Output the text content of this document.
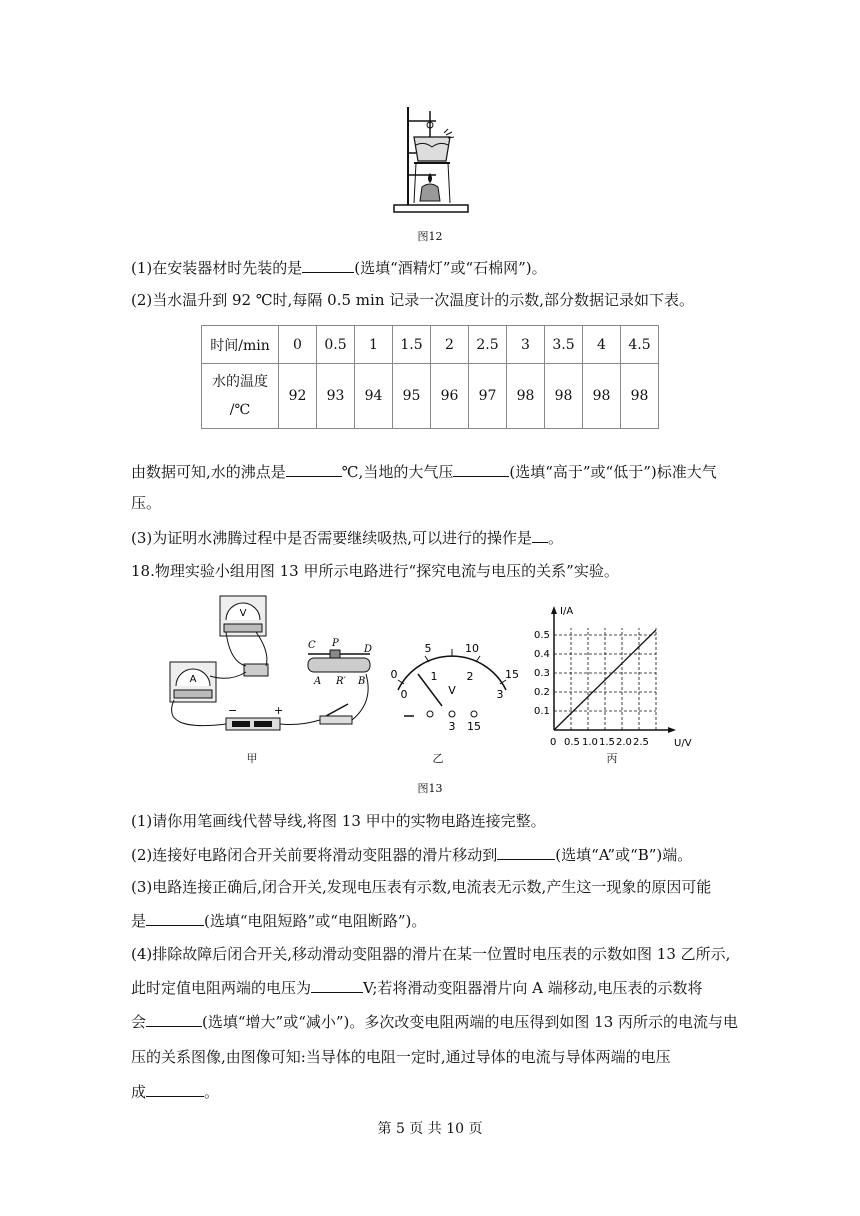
图12
(1)在安装器材时先装的是	(选填“酒精灯”或“石棉网”)。
(2)当水温升到 92 ℃时,每隔 0.5 min 记录一次温度计的示数,部分数据记录如下表。
时间/min	0	0.5	1	1.5	2	2.5	3	3.5	4	4.5
水的温度
/℃	92	93	94	95	96	97	98	98	98	98
由数据可知,水的沸点是	℃,当地的大气压	(选填“高于”或“低于”)标准大气
压。
(3)为证明水沸腾过程中是否需要继续吸热,可以进行的操作是 。
18.物理实验小组用图 13 甲所示电路进行“探究电流与电压的关系”实验。
V
A
−	+
C P
D
A R′ B
甲
0
5	10
15
0
1	2
3
V
3 15
乙
I/A
U/V
0.1
0.2
0.3
0.4
0.5
0 0.5 1.0 1.5 2.0 2.5
丙
图13
(1)请你用笔画线代替导线,将图 13 甲中的实物电路连接完整。
(2)连接好电路闭合开关前要将滑动变阻器的滑片移动到	(选填“A”或“B”)端。
(3)电路连接正确后,闭合开关,发现电压表有示数,电流表无示数,产生这一现象的原因可能
是	(选填“电阻短路”或“电阻断路”)。
(4)排除故障后闭合开关,移动滑动变阻器的滑片在某一位置时电压表的示数如图 13 乙所示,
此时定值电阻两端的电压为	V;若将滑动变阻器滑片向 A 端移动,电压表的示数将
会	(选填“增大”或“减小”)。多次改变电阻两端的电压得到如图 13 丙所示的电流与电
压的关系图像,由图像可知:当导体的电阻一定时,通过导体的电流与导体两端的电压
成	。
第 5 页 共 10 页
